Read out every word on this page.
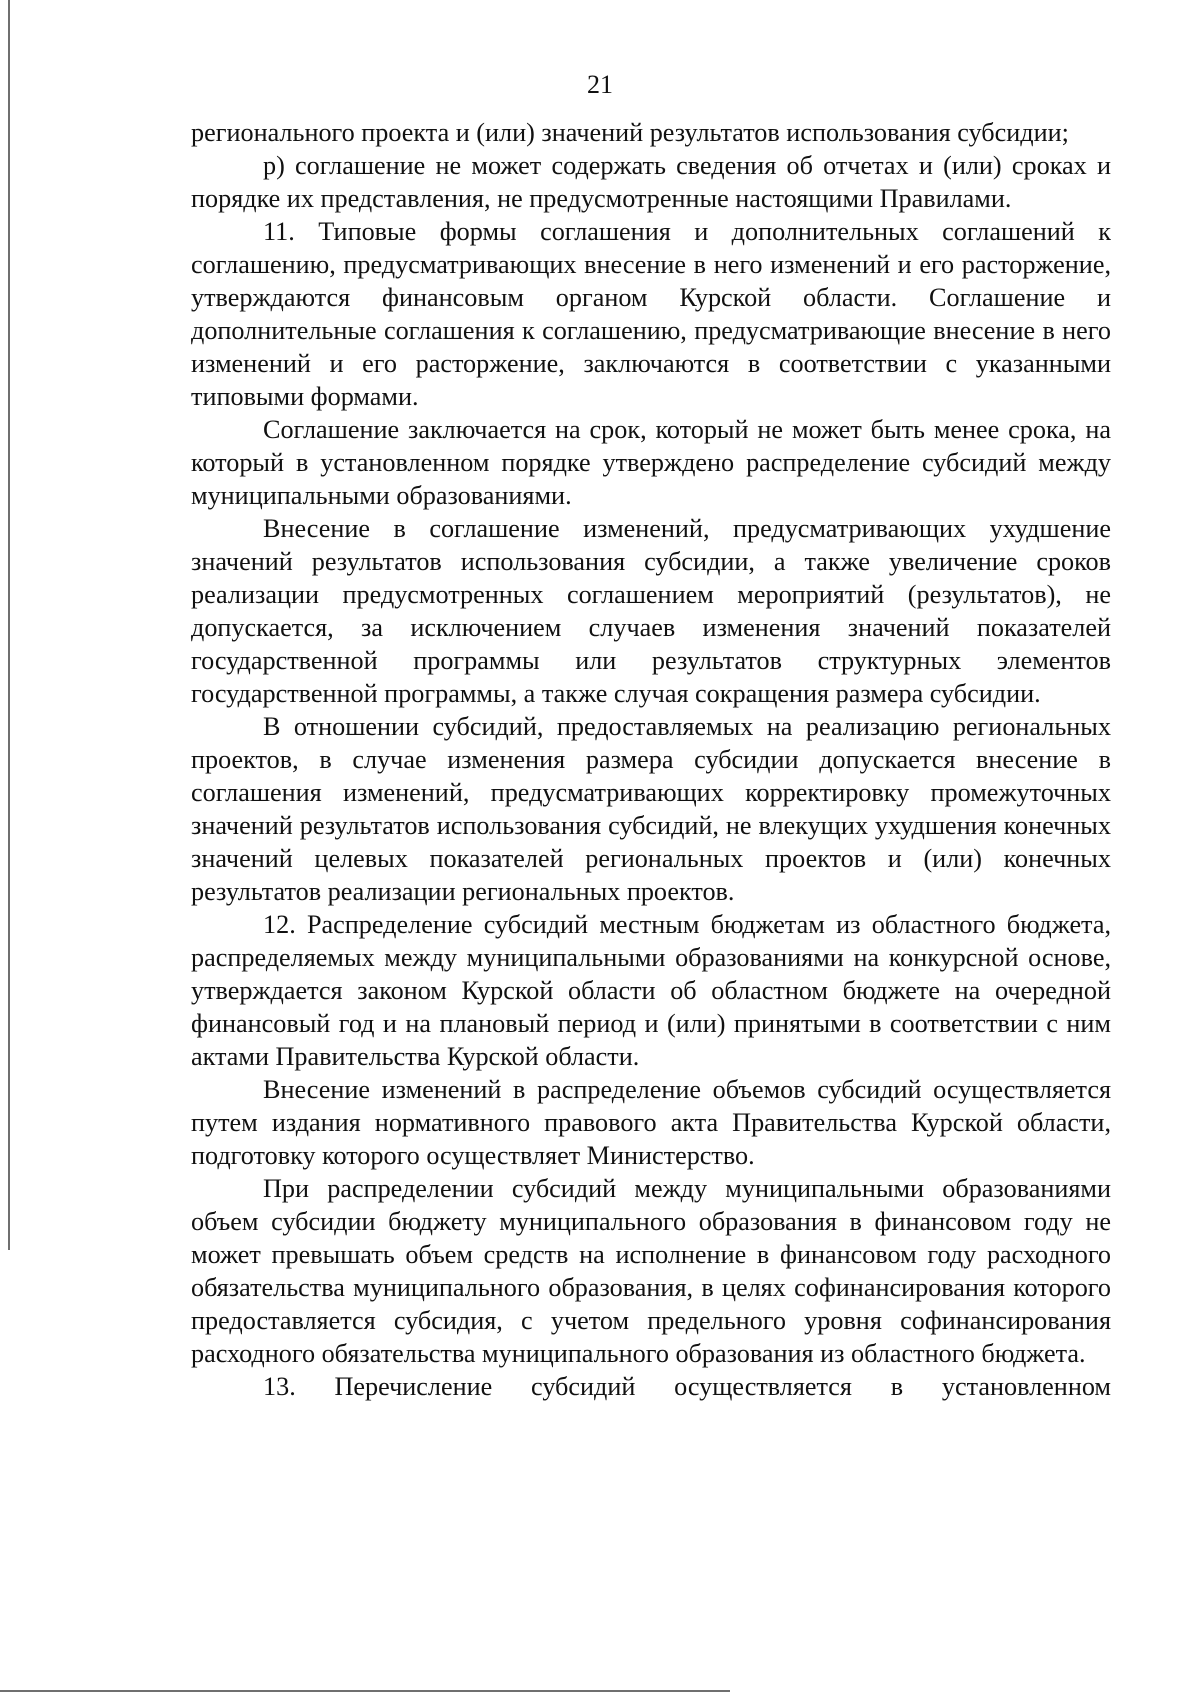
21

регионального проекта и (или) значений результатов использования субсидии;

р) соглашение не может содержать сведения об отчетах и (или) сроках и порядке их представления, не предусмотренные настоящими Правилами.

11. Типовые формы соглашения и дополнительных соглашений к соглашению, предусматривающих внесение в него изменений и его расторжение, утверждаются финансовым органом Курской области. Соглашение и дополнительные соглашения к соглашению, предусматривающие внесение в него изменений и его расторжение, заключаются в соответствии с указанными типовыми формами.

Соглашение заключается на срок, который не может быть менее срока, на который в установленном порядке утверждено распределение субсидий между муниципальными образованиями.

Внесение в соглашение изменений, предусматривающих ухудшение значений результатов использования субсидии, а также увеличение сроков реализации предусмотренных соглашением мероприятий (результатов), не допускается, за исключением случаев изменения значений показателей государственной программы или результатов структурных элементов государственной программы, а также случая сокращения размера субсидии.

В отношении субсидий, предоставляемых на реализацию региональных проектов, в случае изменения размера субсидии допускается внесение в соглашения изменений, предусматривающих корректировку промежуточных значений результатов использования субсидий, не влекущих ухудшения конечных значений целевых показателей региональных проектов и (или) конечных результатов реализации региональных проектов.

12. Распределение субсидий местным бюджетам из областного бюджета, распределяемых между муниципальными образованиями на конкурсной основе, утверждается законом Курской области об областном бюджете на очередной финансовый год и на плановый период и (или) принятыми в соответствии с ним актами Правительства Курской области.

Внесение изменений в распределение объемов субсидий осуществляется путем издания нормативного правового акта Правительства Курской области, подготовку которого осуществляет Министерство.

При распределении субсидий между муниципальными образованиями объем субсидии бюджету муниципального образования в финансовом году не может превышать объем средств на исполнение в финансовом году расходного обязательства муниципального образования, в целях софинансирования которого предоставляется субсидия, с учетом предельного уровня софинансирования расходного обязательства муниципального образования из областного бюджета.

13. Перечисление субсидий осуществляется в установленном
